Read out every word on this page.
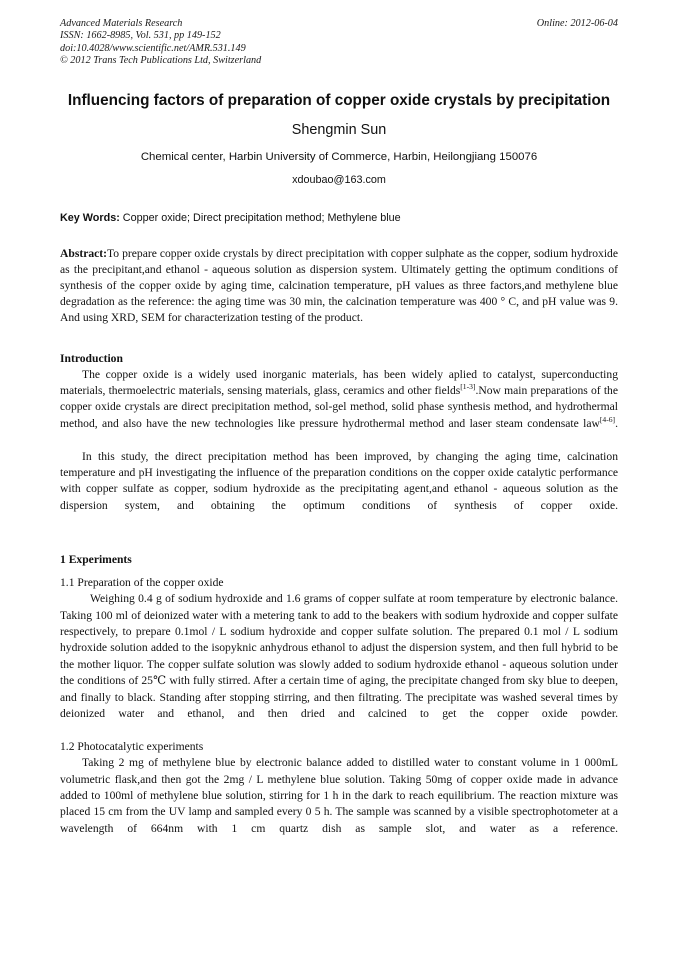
Advanced Materials Research
ISSN: 1662-8985, Vol. 531, pp 149-152
doi:10.4028/www.scientific.net/AMR.531.149
© 2012 Trans Tech Publications Ltd, Switzerland
Online: 2012-06-04
Influencing factors of preparation of copper oxide crystals by precipitation
Shengmin Sun
Chemical center, Harbin University of Commerce, Harbin, Heilongjiang 150076
xdoubao@163.com
Key Words: Copper oxide; Direct precipitation method; Methylene blue
Abstract:To prepare copper oxide crystals by direct precipitation with copper sulphate as the copper, sodium hydroxide as the precipitant,and ethanol - aqueous solution as dispersion system. Ultimately getting the optimum conditions of synthesis of the copper oxide by aging time, calcination temperature, pH values as three factors,and methylene blue degradation as the reference: the aging time was 30 min, the calcination temperature was 400 ° C, and pH value was 9. And using XRD, SEM for characterization testing of the product.
Introduction

The copper oxide is a widely used inorganic materials, has been widely aplied to catalyst, superconducting materials, thermoelectric materials, sensing materials, glass, ceramics and other fields[1-3].Now main preparations of the copper oxide crystals are direct precipitation method, sol-gel method, solid phase synthesis method, and hydrothermal method, and also have the new technologies like pressure hydrothermal method and laser steam condensate law[4-6].

In this study, the direct precipitation method has been improved, by changing the aging time, calcination temperature and pH investigating the influence of the preparation conditions on the copper oxide catalytic performance with copper sulfate as copper, sodium hydroxide as the precipitating agent,and ethanol - aqueous solution as the dispersion system, and obtaining the optimum conditions of synthesis of copper oxide.

1 Experiments
1.1 Preparation of the copper oxide

Weighing 0.4 g of sodium hydroxide and 1.6 grams of copper sulfate at room temperature by electronic balance. Taking 100 ml of deionized water with a metering tank to add to the beakers with sodium hydroxide and copper sulfate respectively, to prepare 0.1mol / L sodium hydroxide and copper sulfate solution. The prepared 0.1 mol / L sodium hydroxide solution added to the isopyknic anhydrous ethanol to adjust the dispersion system, and then full hybrid to be the mother liquor. The copper sulfate solution was slowly added to sodium hydroxide ethanol - aqueous solution under the conditions of 25℃ with fully stirred. After a certain time of aging, the precipitate changed from sky blue to deepen, and finally to black. Standing after stopping stirring, and then filtrating. The precipitate was washed several times by deionized water and ethanol, and then dried and calcined to get the copper oxide powder.

1.2 Photocatalytic experiments

Taking 2 mg of methylene blue by electronic balance added to distilled water to constant volume in 1 000mL volumetric flask,and then got the 2mg / L methylene blue solution. Taking 50mg of copper oxide made in advance added to 100ml of methylene blue solution, stirring for 1 h in the dark to reach equilibrium. The reaction mixture was placed 15 cm from the UV lamp and sampled every 0 5 h. The sample was scanned by a visible spectrophotometer at a wavelength of 664nm with 1 cm quartz dish as sample slot, and water as a reference.
